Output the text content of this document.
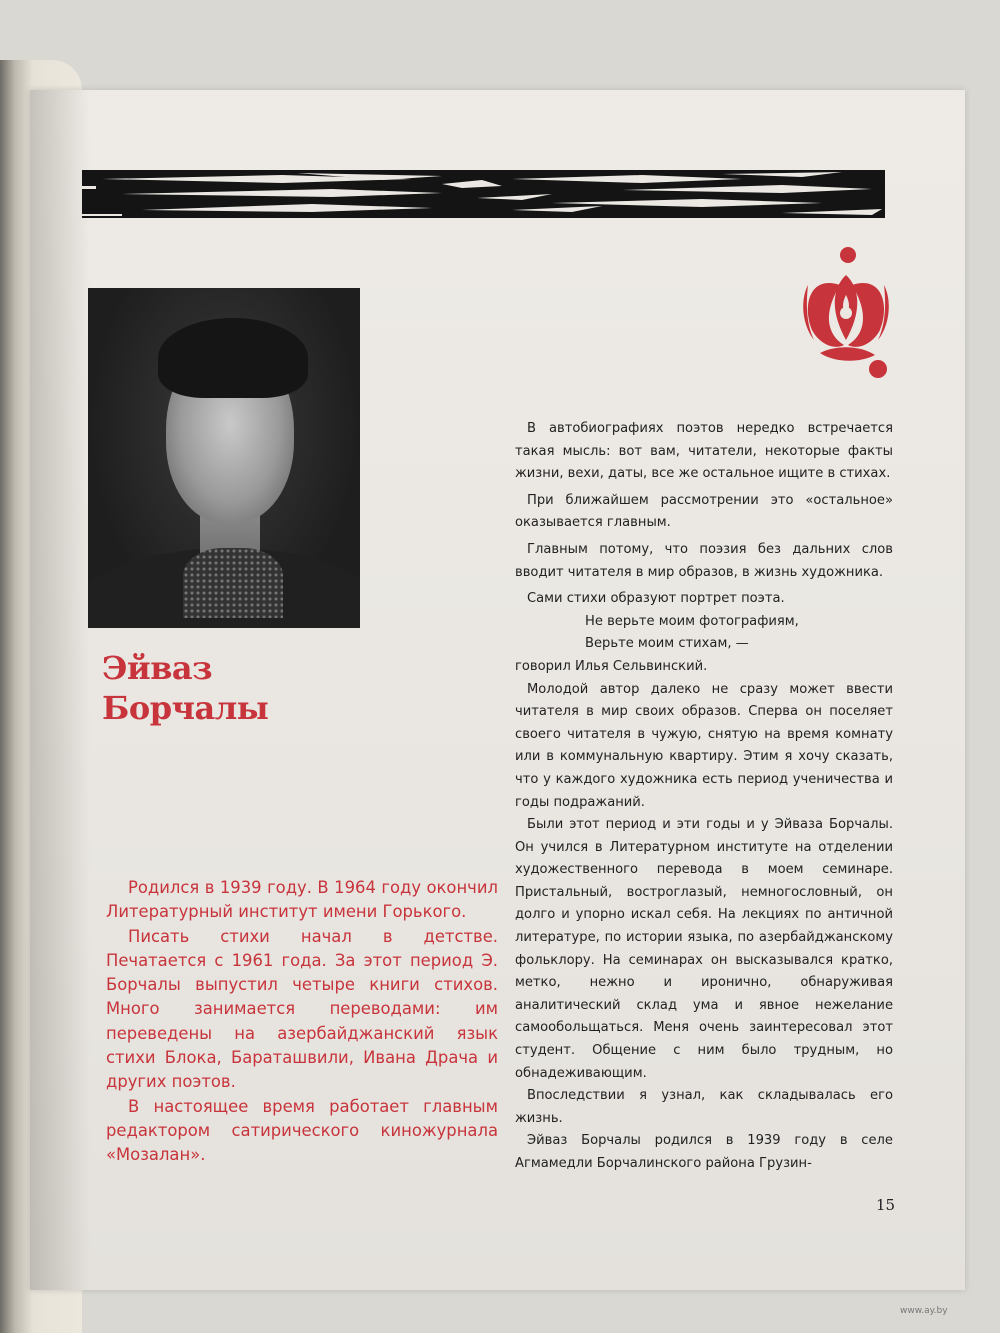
Эйваз
Борчалы

Родился в 1939 году. В 1964 году окончил Литературный институт имени Горького.

Писать стихи начал в детстве. Печатается с 1961 года. За этот период Э. Борчалы выпустил четыре книги стихов. Много занимается переводами: им переведены на азербайджанский язык стихи Блока, Бараташвили, Ивана Драча и других поэтов.

В настоящее время работает главным редактором сатирического киножурнала «Мозалан».

В автобиографиях поэтов нередко встречается такая мысль: вот вам, читатели, некоторые факты жизни, вехи, даты, все же остальное ищите в стихах.

При ближайшем рассмотрении это «остальное» оказывается главным.

Главным потому, что поэзия без дальних слов вводит читателя в мир образов, в жизнь художника.

Сами стихи образуют портрет поэта.

Не верьте моим фотографиям,

Верьте моим стихам, —

говорил Илья Сельвинский.

Молодой автор далеко не сразу может ввести читателя в мир своих образов. Сперва он поселяет своего читателя в чужую, снятую на время комнату или в коммунальную квартиру. Этим я хочу сказать, что у каждого художника есть период ученичества и годы подражаний.

Были этот период и эти годы и у Эйваза Борчалы. Он учился в Литературном институте на отделении художественного перевода в моем семинаре. Пристальный, востроглазый, немногословный, он долго и упорно искал себя. На лекциях по античной литературе, по истории языка, по азербайджанскому фольклору. На семинарах он высказывался кратко, метко, нежно и иронично, обнаруживая аналитический склад ума и явное нежелание самообольщаться. Меня очень заинтересовал этот студент. Общение с ним было трудным, но обнадеживающим.

Впоследствии я узнал, как складывалась его жизнь.

Эйваз Борчалы родился в 1939 году в селе Агмамедли Борчалинского района Грузин-

15
www.ay.by
